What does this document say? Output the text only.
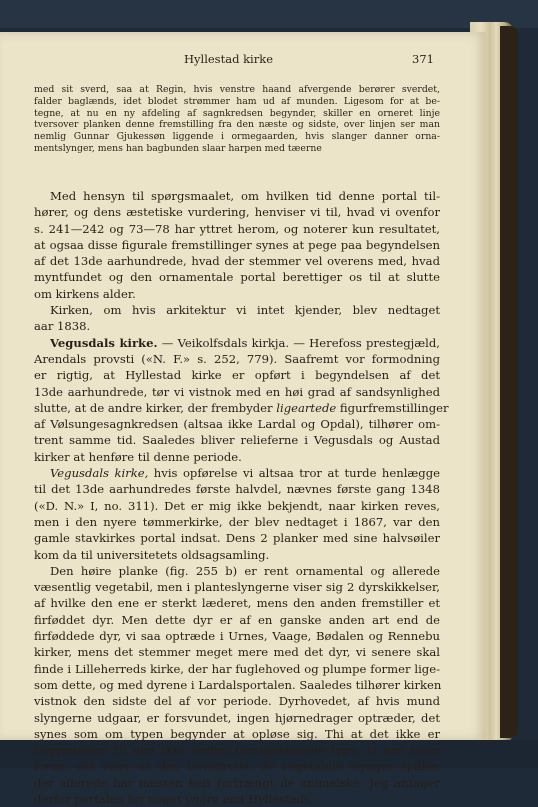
Hyllestad kirke	371
med sit sverd, saa at Regin, hvis venstre haand afvergende berører sverdet,
falder baglænds, idet blodet strømmer ham ud af munden. Ligesom for at be-
tegne, at nu en ny afdeling af sagnkredsen begynder, skiller en orneret linje
tversover planken denne fremstilling fra den næste og sidste, over linjen ser man
nemlig Gunnar Gjukessøn liggende i ormegaarden, hvis slanger danner orna-
mentslynger, mens han bagbunden slaar harpen med tæerne
Med hensyn til spørgsmaalet, om hvilken tid denne portal til-
hører, og dens æstetiske vurdering, henviser vi til, hvad vi ovenfor
s. 241—242 og 73—78 har yttret herom, og noterer kun resultatet,
at ogsaa disse figurale fremstillinger synes at pege paa begyndelsen
af det 13de aarhundrede, hvad der stemmer vel overens med, hvad
myntfundet og den ornamentale portal berettiger os til at slutte
om kirkens alder.
Kirken, om hvis arkitektur vi intet kjender, blev nedtaget
aar 1838.
Vegusdals kirke. — Veikolfsdals kirkja. — Herefoss prestegjæld,
Arendals provsti («N. F.» s. 252, 779). Saafremt vor formodning
er rigtig, at Hyllestad kirke er opført i begyndelsen af det
13de aarhundrede, tør vi vistnok med en høi grad af sandsynlighed
slutte, at de andre kirker, der frembyder ligeartede figurfremstillinger
af Vølsungesagnkredsen (altsaa ikke Lardal og Opdal), tilhører om-
trent samme tid. Saaledes bliver relieferne i Vegusdals og Austad
kirker at henføre til denne periode.
Vegusdals kirke, hvis opførelse vi altsaa tror at turde henlægge
til det 13de aarhundredes første halvdel, nævnes første gang 1348
(«D. N.» I, no. 311). Det er mig ikke bekjendt, naar kirken reves,
men i den nyere tømmerkirke, der blev nedtaget i 1867, var den
gamle stavkirkes portal indsat. Dens 2 planker med sine halvsøiler
kom da til universitetets oldsagsamling.
Den høire planke (fig. 255 b) er rent ornamental og allerede
væsentlig vegetabil, men i planteslyngerne viser sig 2 dyrskikkelser,
af hvilke den ene er sterkt læderet, mens den anden fremstiller et
firføddet dyr. Men dette dyr er af en ganske anden art end de
firføddede dyr, vi saa optræde i Urnes, Vaage, Bødalen og Rennebu
kirker, mens det stemmer meget mere med det dyr, vi senere skal
finde i Lilleherreds kirke, der har fuglehoved og plumpe former lige-
som dette, og med dyrene i Lardalsportalen. Saaledes tilhører kirken
vistnok den sidste del af vor periode. Dyrhovedet, af hvis mund
slyngerne udgaar, er forsvundet, ingen hjørnedrager optræder, det
synes som om typen begynder at opløse sig. Thi at det ikke er
begyndelsen til den ikke endnu færdigdannede type, vi her staar
foran, det viser os den hovedrolle, de vegetabile slynger spiller,
der allerede har næsten helt fortrængt de animalske. Jeg antager
derfor portalen for noget yngre end Hyllestads.
